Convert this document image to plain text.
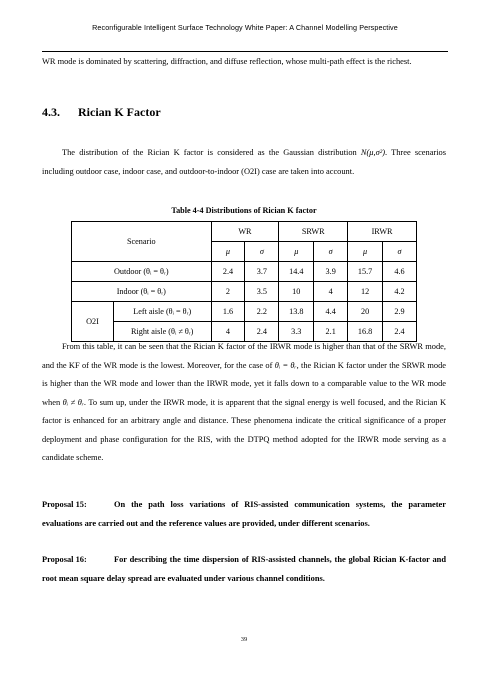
Reconfigurable Intelligent Surface Technology White Paper: A Channel Modelling Perspective

WR mode is dominated by scattering, diffraction, and diffuse reflection, whose multi-path effect is the richest.

4.3. Rician K Factor

The distribution of the Rician K factor is considered as the Gaussian distribution N(μ,σ²). Three scenarios including outdoor case, indoor case, and outdoor-to-indoor (O2I) case are taken into account.

Table 4-4 Distributions of Rician K factor
Scenario		WR		SRWR		IRWR	
		μ	σ	μ	σ	μ	σ
Outdoor (θᵢ = θᵣ)		2.4	3.7	14.4	3.9	15.7	4.6
Indoor (θᵢ = θᵣ)		2	3.5	10	4	12	4.2
O2I	Left aisle (θᵢ = θᵣ)	1.6	2.2	13.8	4.4	20	2.9
	Right aisle (θᵢ ≠ θᵣ)	4	2.4	3.3	2.1	16.8	2.4

From this table, it can be seen that the Rician K factor of the IRWR mode is higher than that of the SRWR mode, and the KF of the WR mode is the lowest. Moreover, for the case of θᵢ = θᵣ, the Rician K factor under the SRWR mode is higher than the WR mode and lower than the IRWR mode, yet it falls down to a comparable value to the WR mode when θᵢ ≠ θᵣ. To sum up, under the IRWR mode, it is apparent that the signal energy is well focused, and the Rician K factor is enhanced for an arbitrary angle and distance. These phenomena indicate the critical significance of a proper deployment and phase configuration for the RIS, with the DTPQ method adopted for the IRWR mode serving as a candidate scheme.

Proposal 15:	On the path loss variations of RIS-assisted communication systems, the parameter evaluations are carried out and the reference values are provided, under different scenarios.

Proposal 16:	For describing the time dispersion of RIS-assisted channels, the global Rician K-factor and root mean square delay spread are evaluated under various channel conditions.

39
